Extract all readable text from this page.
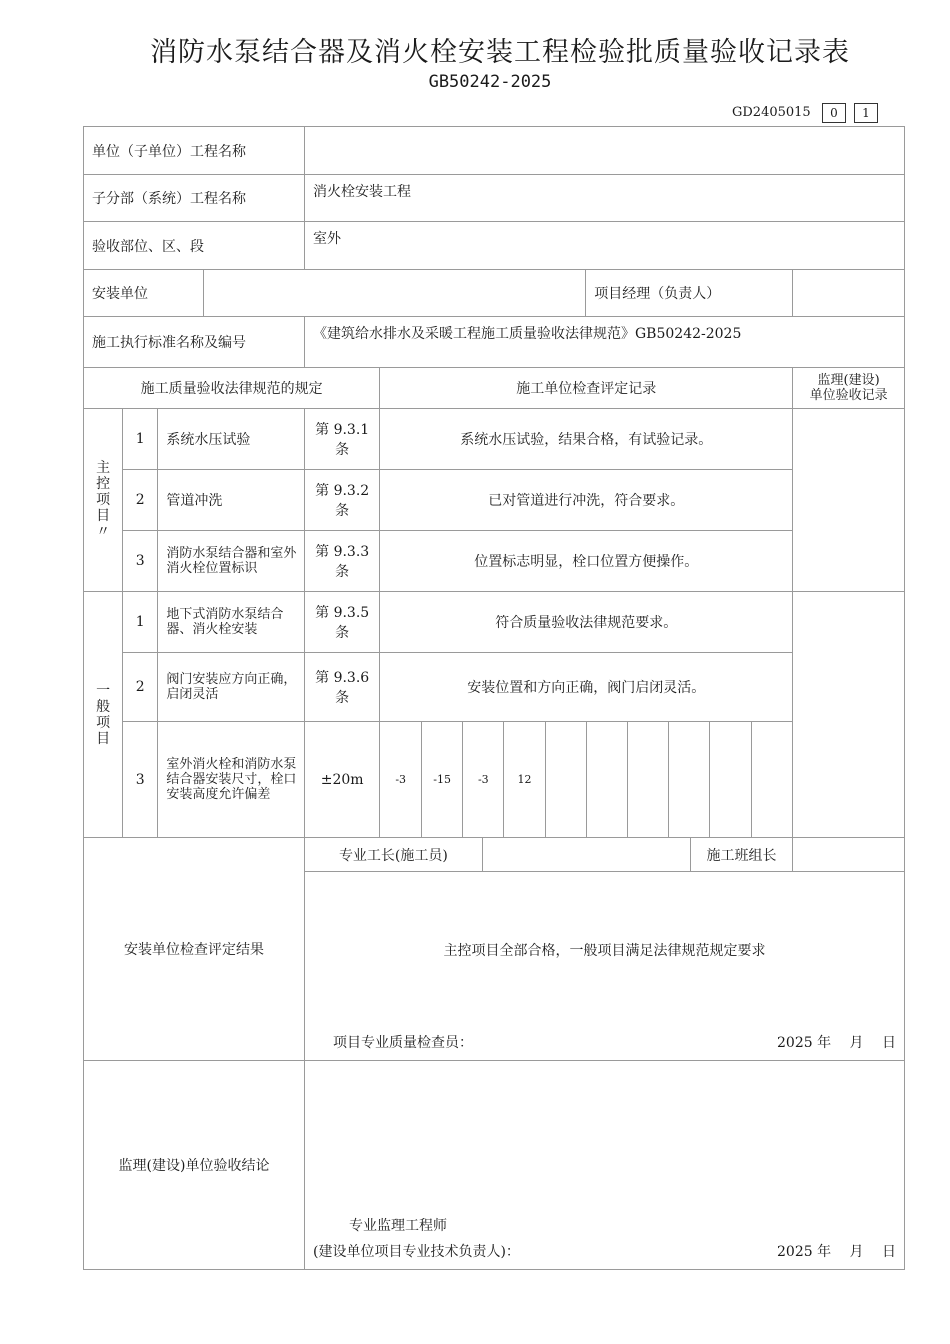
消防水泵结合器及消火栓安装工程检验批质量验收记录表
GB50242-2025
GD2405015	0	1
单位（子单位）工程名称	
子分部（系统）工程名称	消火栓安装工程
验收部位、区、段	室外
安装单位		项目经理（负责人）	
施工执行标准名称及编号	《建筑给水排水及采暖工程施工质量验收法律规范》GB50242-2025
施工质量验收法律规范的规定	施工单位检查评定记录	
监理(建设)
单位验收记录

主
控
项
目
〃
	1	系统水压试验	第 9.3.1 条	系统水压试验，结果合格，有试验记录。	
2	管道冲洗	第 9.3.2 条	已对管道进行冲洗，符合要求。
3	消防水泵结合器和室外消火栓位置标识	第 9.3.3 条	位置标志明显，栓口位置方便操作。

一
般
项
目
	1	地下式消防水泵结合器、消火栓安装	第 9.3.5 条	符合质量验收法律规范要求。	
2	阀门安装应方向正确，启闭灵活	第 9.3.6 条	安装位置和方向正确，阀门启闭灵活。
3	室外消火栓和消防水泵结合器安装尺寸，栓口安装高度允许偏差	±20m		-3	-15	-3	12						

安装单位检查评定结果	专业工长(施工员)		施工班组长	

主控项目全部合格，一般项目满足法律规范规定要求
项目专业质量检查员：	2025 年　 月　 日

监理(建设)单位验收结论	
专业监理工程师
(建设单位项目专业技术负责人)：	2025 年　 月　 日
